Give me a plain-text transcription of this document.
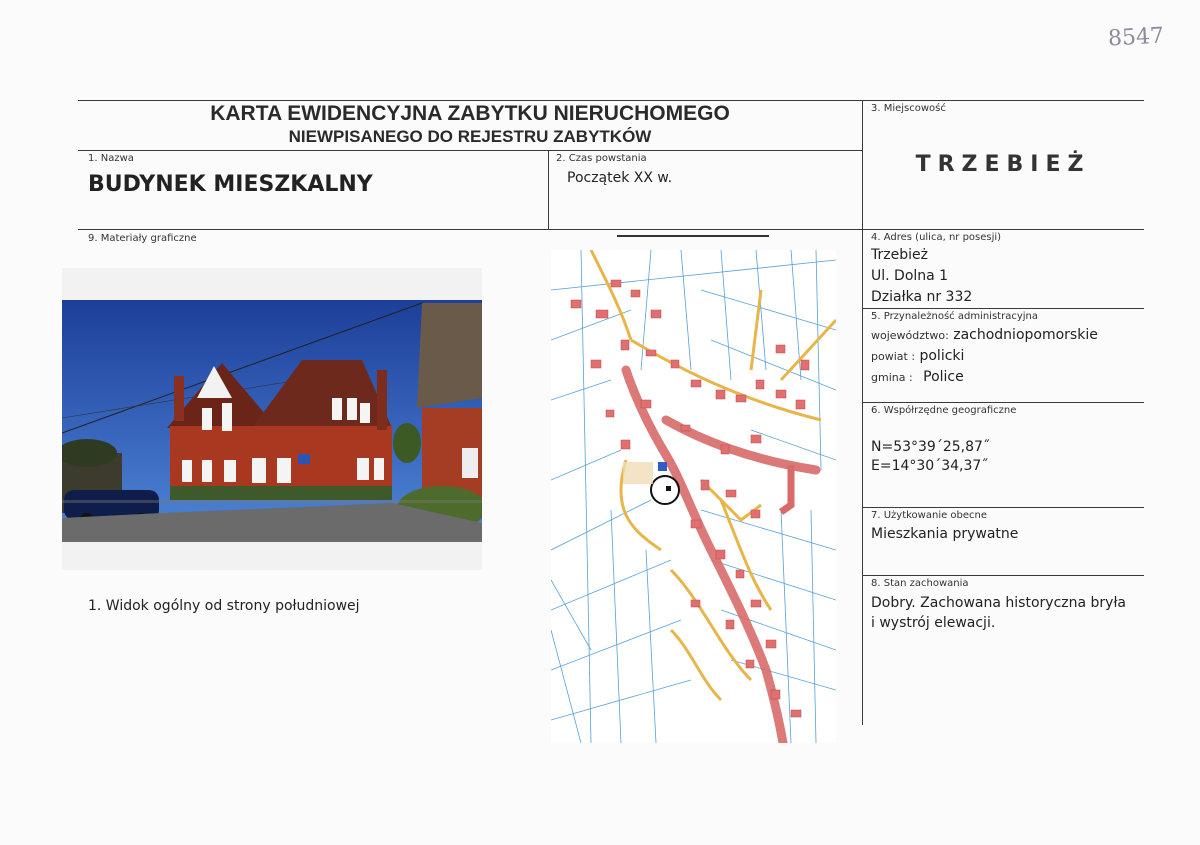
8547
KARTA EWIDENCYJNA ZABYTKU NIERUCHOMEGO
NIEWPISANEGO DO REJESTRU ZABYTKÓW
1. Nazwa
BUDYNEK MIESZKALNY
2. Czas powstania
Początek XX w.
3. Miejscowość
TRZEBIEŻ
9. Materiały graficzne	4. Adres (ulica, nr posesji)
Trzebież
Ul. Dolna 1
Działka nr 332
5. Przynależność administracyjna
województwo: zachodniopomorskie
powiat : policki
gmina : Police
6. Współrzędne geograficzne
N=53°39´25,87˝
E=14°30´34,37˝
7. Użytkowanie obecne
Mieszkania prywatne
8. Stan zachowania
Dobry. Zachowana historyczna bryła
i wystrój elewacji.
1. Widok ogólny od strony południowej
